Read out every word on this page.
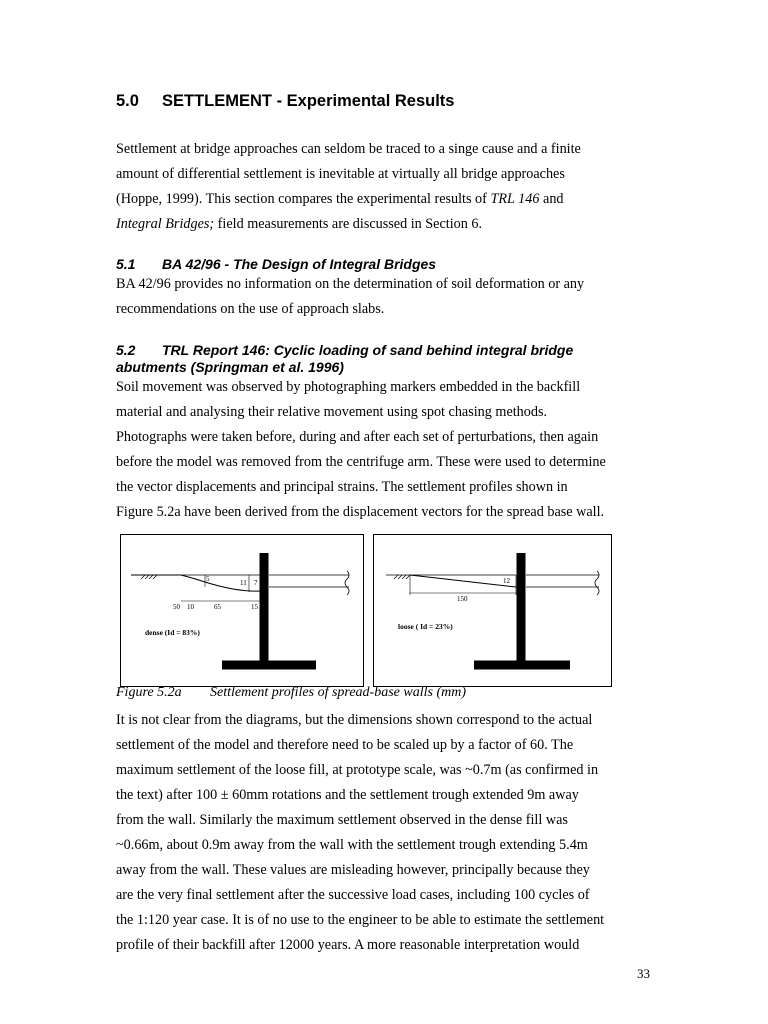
5.0 SETTLEMENT - Experimental Results
Settlement at bridge approaches can seldom be traced to a singe cause and a finite
amount of differential settlement is inevitable at virtually all bridge approaches
(Hoppe, 1999). This section compares the experimental results of TRL 146 and
Integral Bridges; field measurements are discussed in Section 6.
5.1 BA 42/96 - The Design of Integral Bridges
BA 42/96 provides no information on the determination of soil deformation or any
recommendations on the use of approach slabs.
5.2 TRL Report 146: Cyclic loading of sand behind integral bridge
abutments (Springman et al. 1996)
Soil movement was observed by photographing markers embedded in the backfill
material and analysing their relative movement using spot chasing methods.
Photographs were taken before, during and after each set of perturbations, then again
before the model was removed from the centrifuge arm. These were used to determine
the vector displacements and principal strains. The settlement profiles shown in
Figure 5.2a have been derived from the displacement vectors for the spread base wall.
5	11 7
50 10	65	15
dense (Id = 83%)
12
150
loose ( Id = 23%)
Figure 5.2a Settlement profiles of spread-base walls (mm)
It is not clear from the diagrams, but the dimensions shown correspond to the actual
settlement of the model and therefore need to be scaled up by a factor of 60. The
maximum settlement of the loose fill, at prototype scale, was ~0.7m (as confirmed in
the text) after 100 ± 60mm rotations and the settlement trough extended 9m away
from the wall. Similarly the maximum settlement observed in the dense fill was
~0.66m, about 0.9m away from the wall with the settlement trough extending 5.4m
away from the wall. These values are misleading however, principally because they
are the very final settlement after the successive load cases, including 100 cycles of
the 1:120 year case. It is of no use to the engineer to be able to estimate the settlement
profile of their backfill after 12000 years. A more reasonable interpretation would
33
